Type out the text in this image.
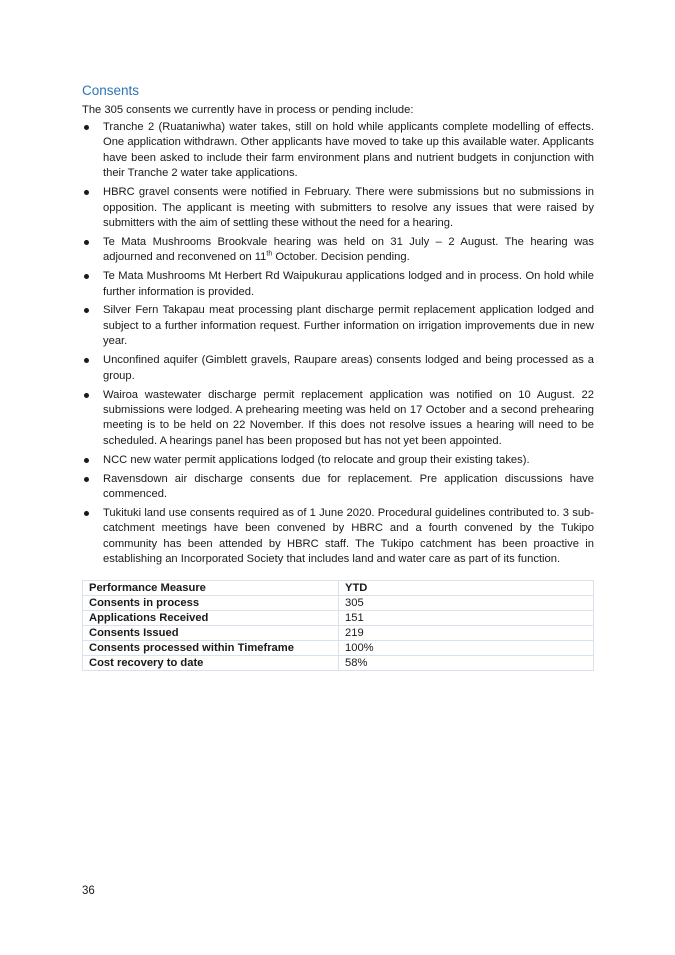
Consents

The 305 consents we currently have in process or pending include:

Tranche 2 (Ruataniwha) water takes, still on hold while applicants complete modelling of effects. One application withdrawn. Other applicants have moved to take up this available water. Applicants have been asked to include their farm environment plans and nutrient budgets in conjunction with their Tranche 2 water take applications.
HBRC gravel consents were notified in February. There were submissions but no submissions in opposition. The applicant is meeting with submitters to resolve any issues that were raised by submitters with the aim of settling these without the need for a hearing.
Te Mata Mushrooms Brookvale hearing was held on 31 July – 2 August. The hearing was adjourned and reconvened on 11th October. Decision pending.
Te Mata Mushrooms Mt Herbert Rd Waipukurau applications lodged and in process. On hold while further information is provided.
Silver Fern Takapau meat processing plant discharge permit replacement application lodged and subject to a further information request. Further information on irrigation improvements due in new year.
Unconfined aquifer (Gimblett gravels, Raupare areas) consents lodged and being processed as a group.
Wairoa wastewater discharge permit replacement application was notified on 10 August. 22 submissions were lodged. A prehearing meeting was held on 17 October and a second prehearing meeting is to be held on 22 November. If this does not resolve issues a hearing will need to be scheduled. A hearings panel has been proposed but has not yet been appointed.
NCC new water permit applications lodged (to relocate and group their existing takes).
Ravensdown air discharge consents due for replacement. Pre application discussions have commenced.
Tukituki land use consents required as of 1 June 2020. Procedural guidelines contributed to. 3 sub-catchment meetings have been convened by HBRC and a fourth convened by the Tukipo community has been attended by HBRC staff. The Tukipo catchment has been proactive in establishing an Incorporated Society that includes land and water care as part of its function.
Performance Measure	YTD
Consents in process	305
Applications Received	151
Consents Issued	219
Consents processed within Timeframe	100%
Cost recovery to date	58%
36
